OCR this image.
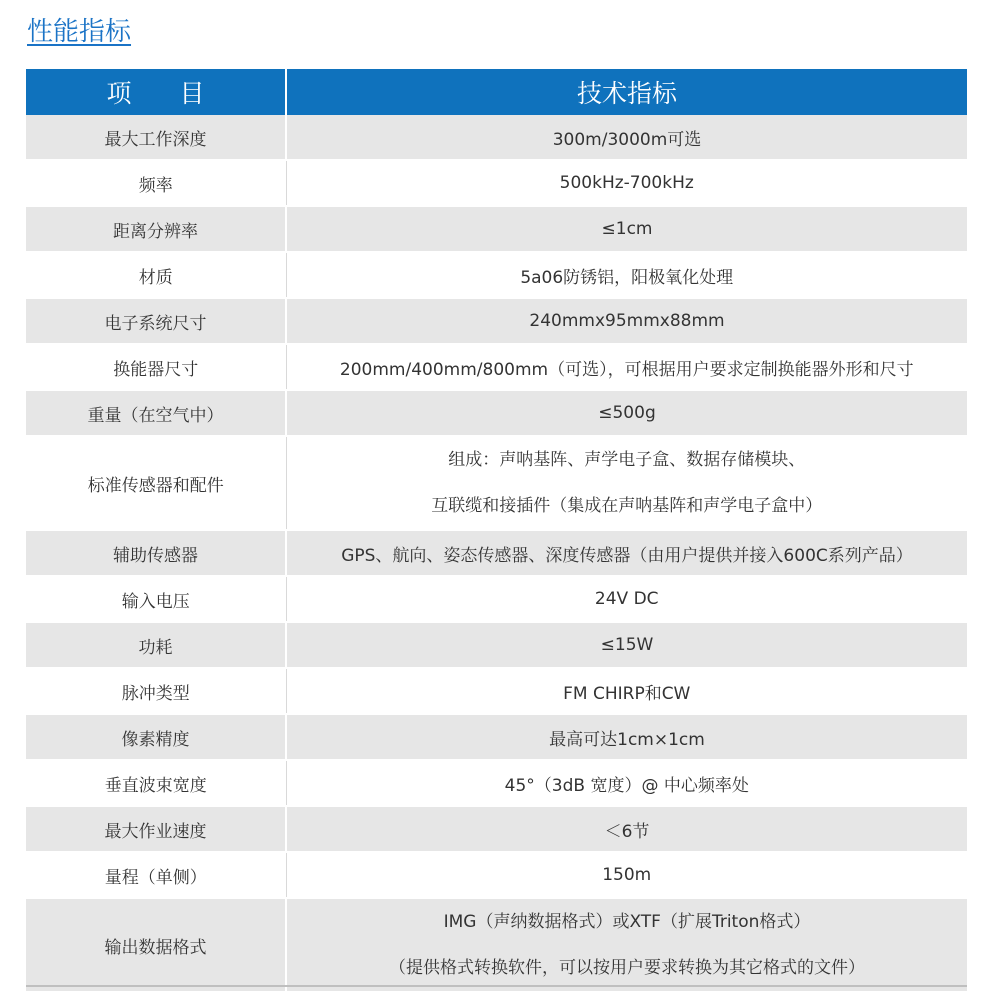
性能指标
项目	技术指标
最大工作深度	300m/3000m可选
频率	500kHz-700kHz
距离分辨率	≤1cm
材质	5a06防锈铝，阳极氧化处理
电子系统尺寸	240mmx95mmx88mm
换能器尺寸	200mm/400mm/800mm（可选），可根据用户要求定制换能器外形和尺寸
重量（在空气中）	≤500g
标准传感器和配件	组成：声呐基阵、声学电子盒、数据存储模块、
互联缆和接插件（集成在声呐基阵和声学电子盒中）

辅助传感器	GPS、航向、姿态传感器、深度传感器（由用户提供并接入600C系列产品）
输入电压	24V DC
功耗	≤15W
脉冲类型	FM CHIRP和CW
像素精度	最高可达1cm×1cm
垂直波束宽度	45°（3dB 宽度）@ 中心频率处
最大作业速度	＜6节
量程（单侧）	150m
输出数据格式	IMG（声纳数据格式）或XTF（扩展Triton格式）
（提供格式转换软件，可以按用户要求转换为其它格式的文件）
